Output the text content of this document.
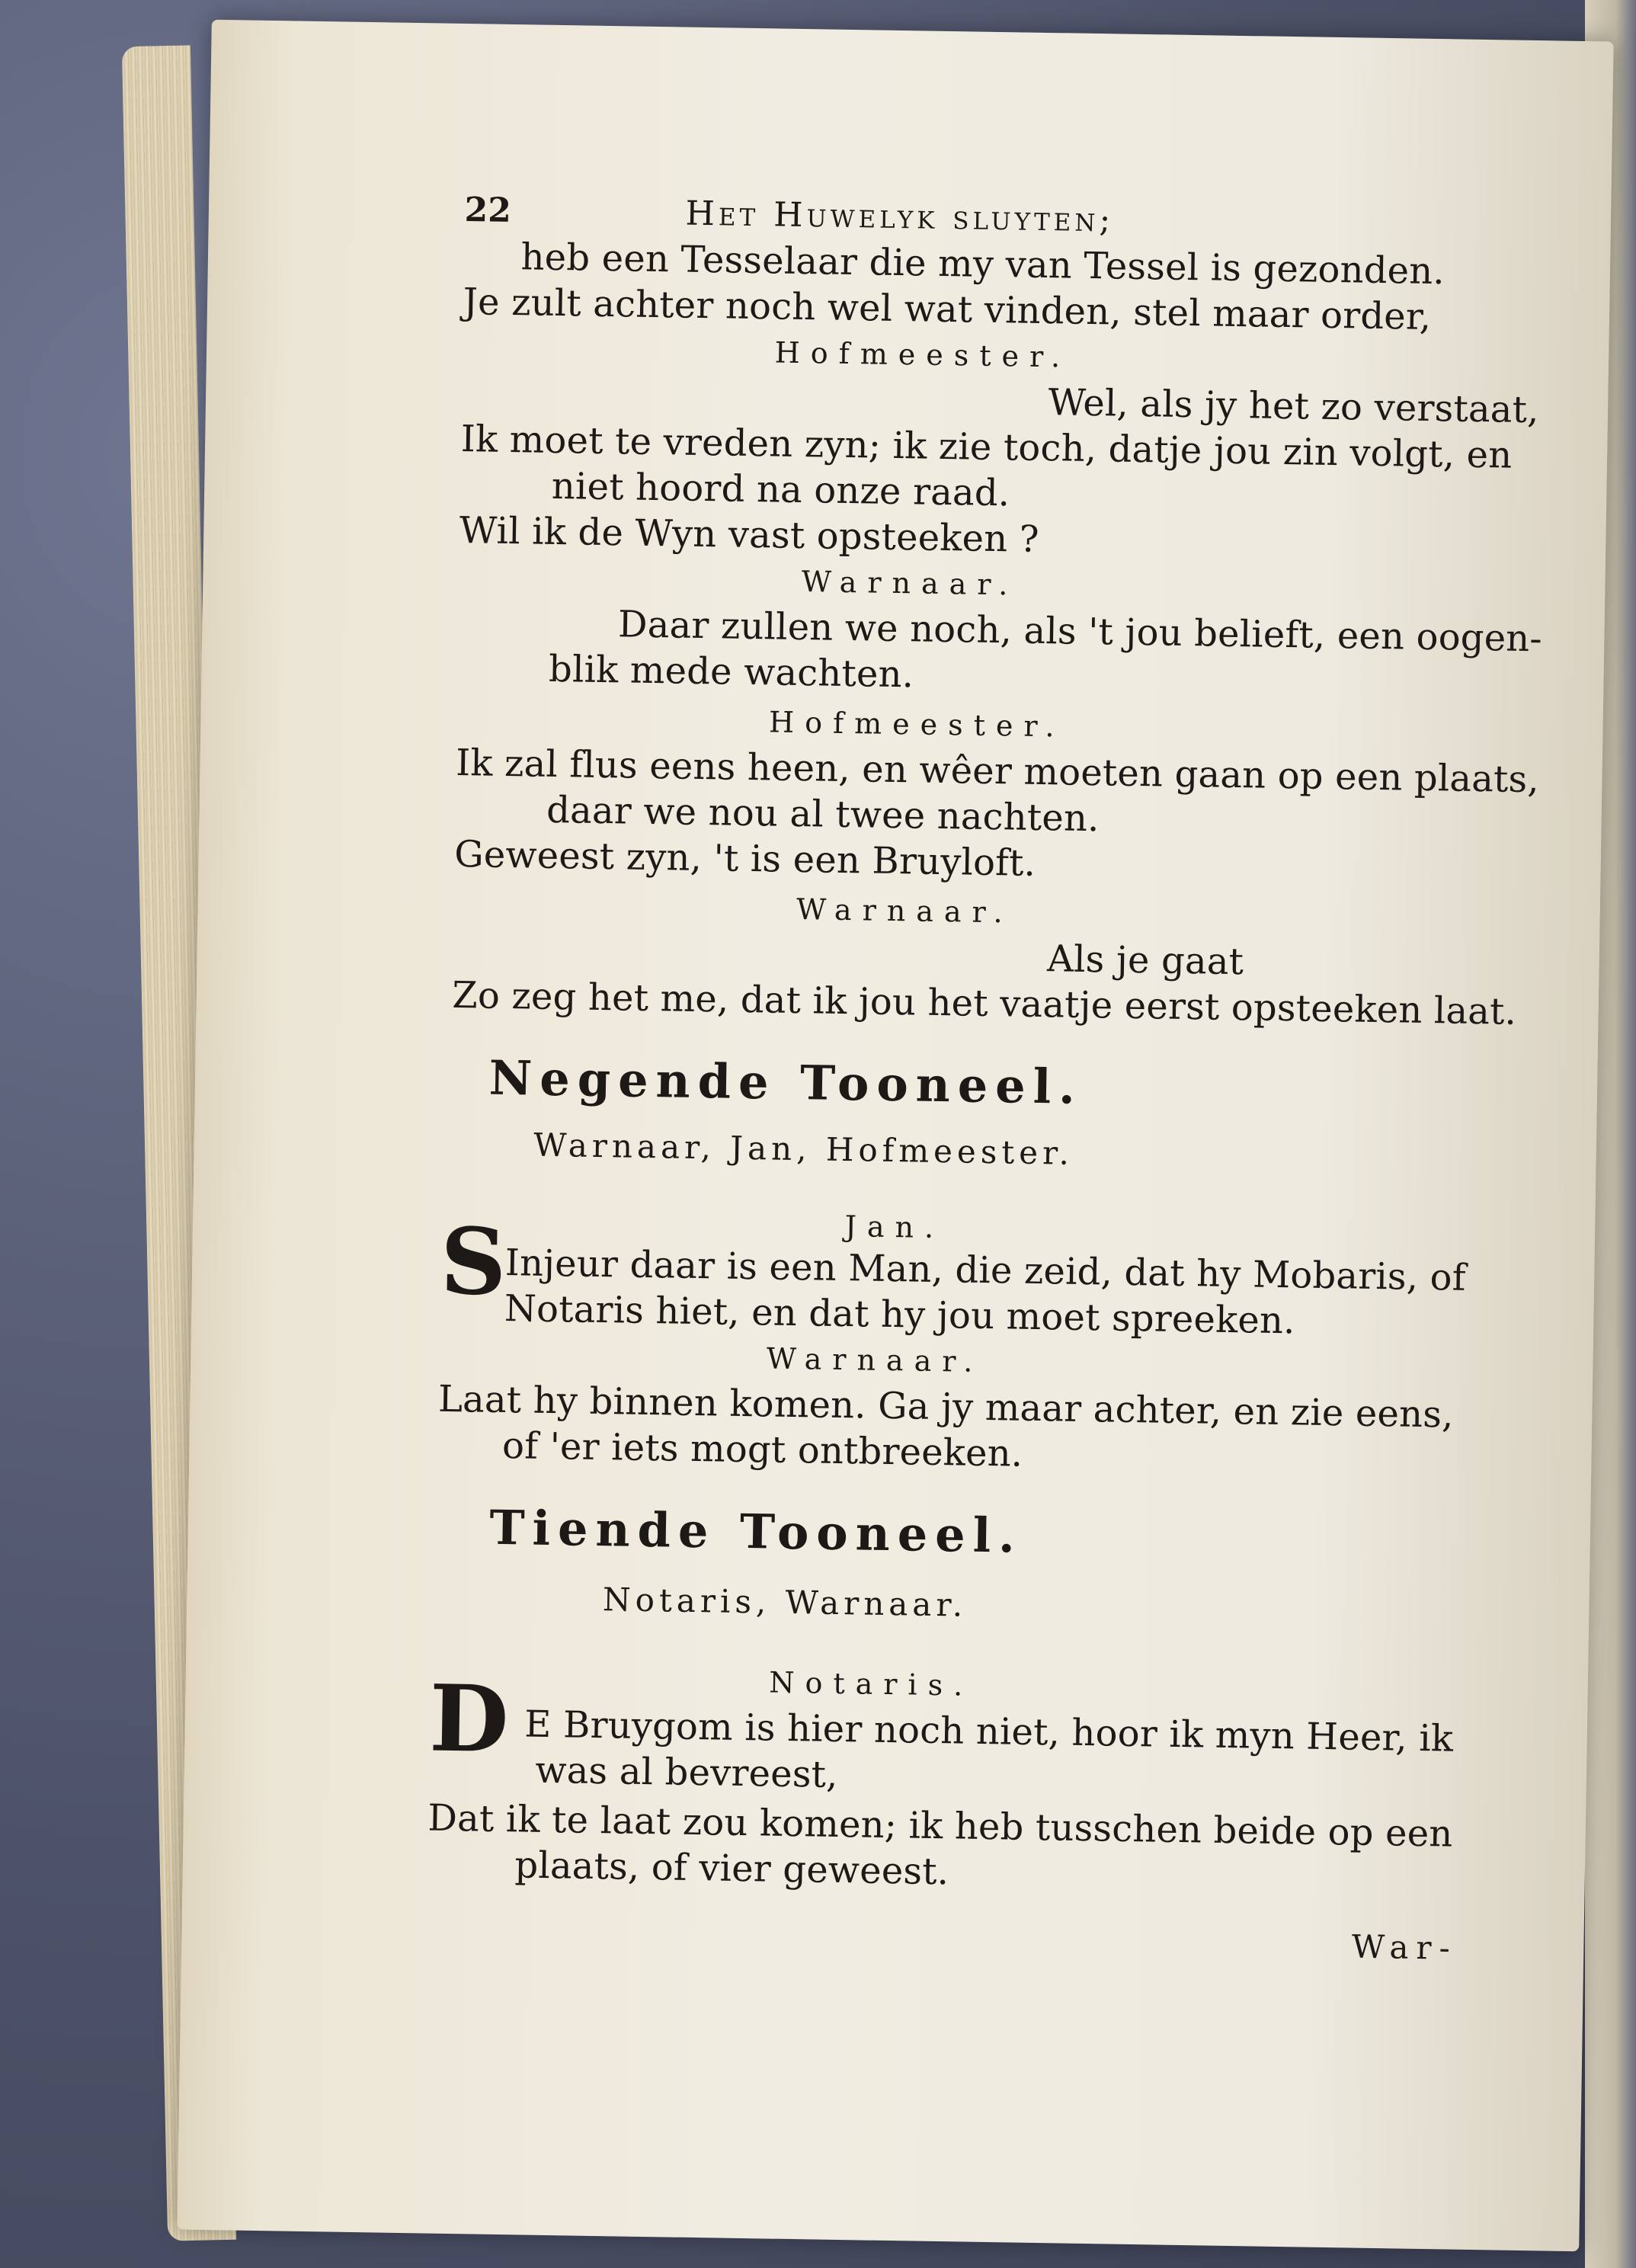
22	Het Huwelyk sluyten;
heb een Tesselaar die my van Tessel is gezonden.
Je zult achter noch wel wat vinden, stel maar order,
Hofmeester.
Wel, als jy het zo verstaat,
Ik moet te vreden zyn; ik zie toch, datje jou zin volgt, en
niet hoord na onze raad.
Wil ik de Wyn vast opsteeken ?
Warnaar.
Daar zullen we noch, als 't jou belieft, een oogen-
blik mede wachten.
Hofmeester.
Ik zal flus eens heen, en wêer moeten gaan op een plaats,
daar we nou al twee nachten.
Geweest zyn, 't is een Bruyloft.
Warnaar.
Als je gaat
Zo zeg het me, dat ik jou het vaatje eerst opsteeken laat.
Negende Tooneel.
Warnaar, Jan, Hofmeester.
Jan.
S
Injeur daar is een Man, die zeid, dat hy Mobaris, of
Notaris hiet, en dat hy jou moet spreeken.
Warnaar.
Laat hy binnen komen. Ga jy maar achter, en zie eens,
of 'er iets mogt ontbreeken.
Tiende Tooneel.
Notaris, Warnaar.
Notaris.
D E Bruygom is hier noch niet, hoor ik myn Heer, ik
was al bevreest,
Dat ik te laat zou komen; ik heb tusschen beide op een
plaats, of vier geweest.
War-
